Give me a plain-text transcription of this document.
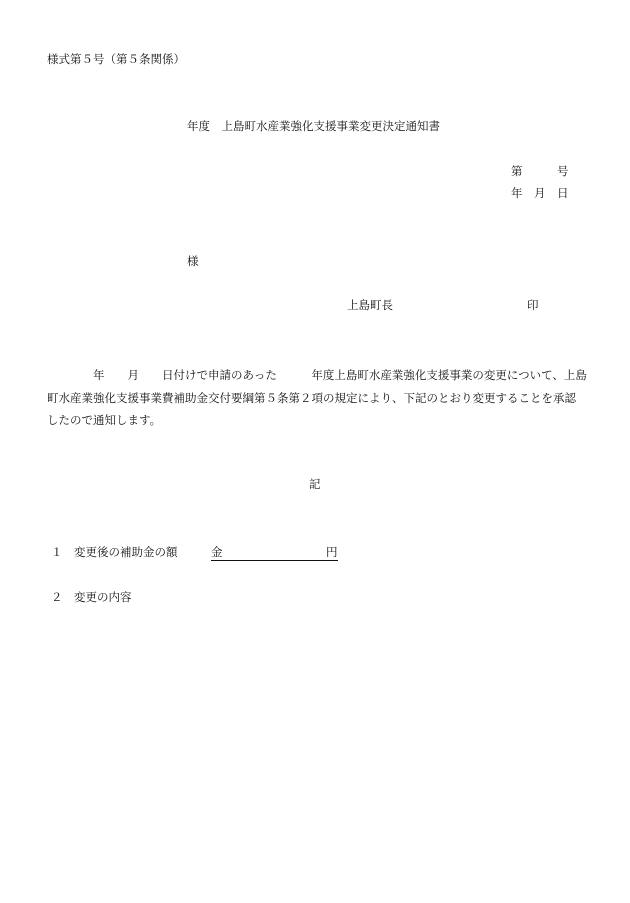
様式第５号（第５条関係）
年度　上島町水産業強化支援事業変更決定通知書
第　　　号
年　月　日
様
上島町長	印
　　　　年　　月　　日付けで申請のあった　　　年度上島町水産業強化支援事業の変更について、上島町水産業強化支援事業費補助金交付要綱第５条第２項の規定により、下記のとおり変更することを承認したので通知します。
記
１　変更後の補助金の額	金　　　　　　　　　円
２　変更の内容
